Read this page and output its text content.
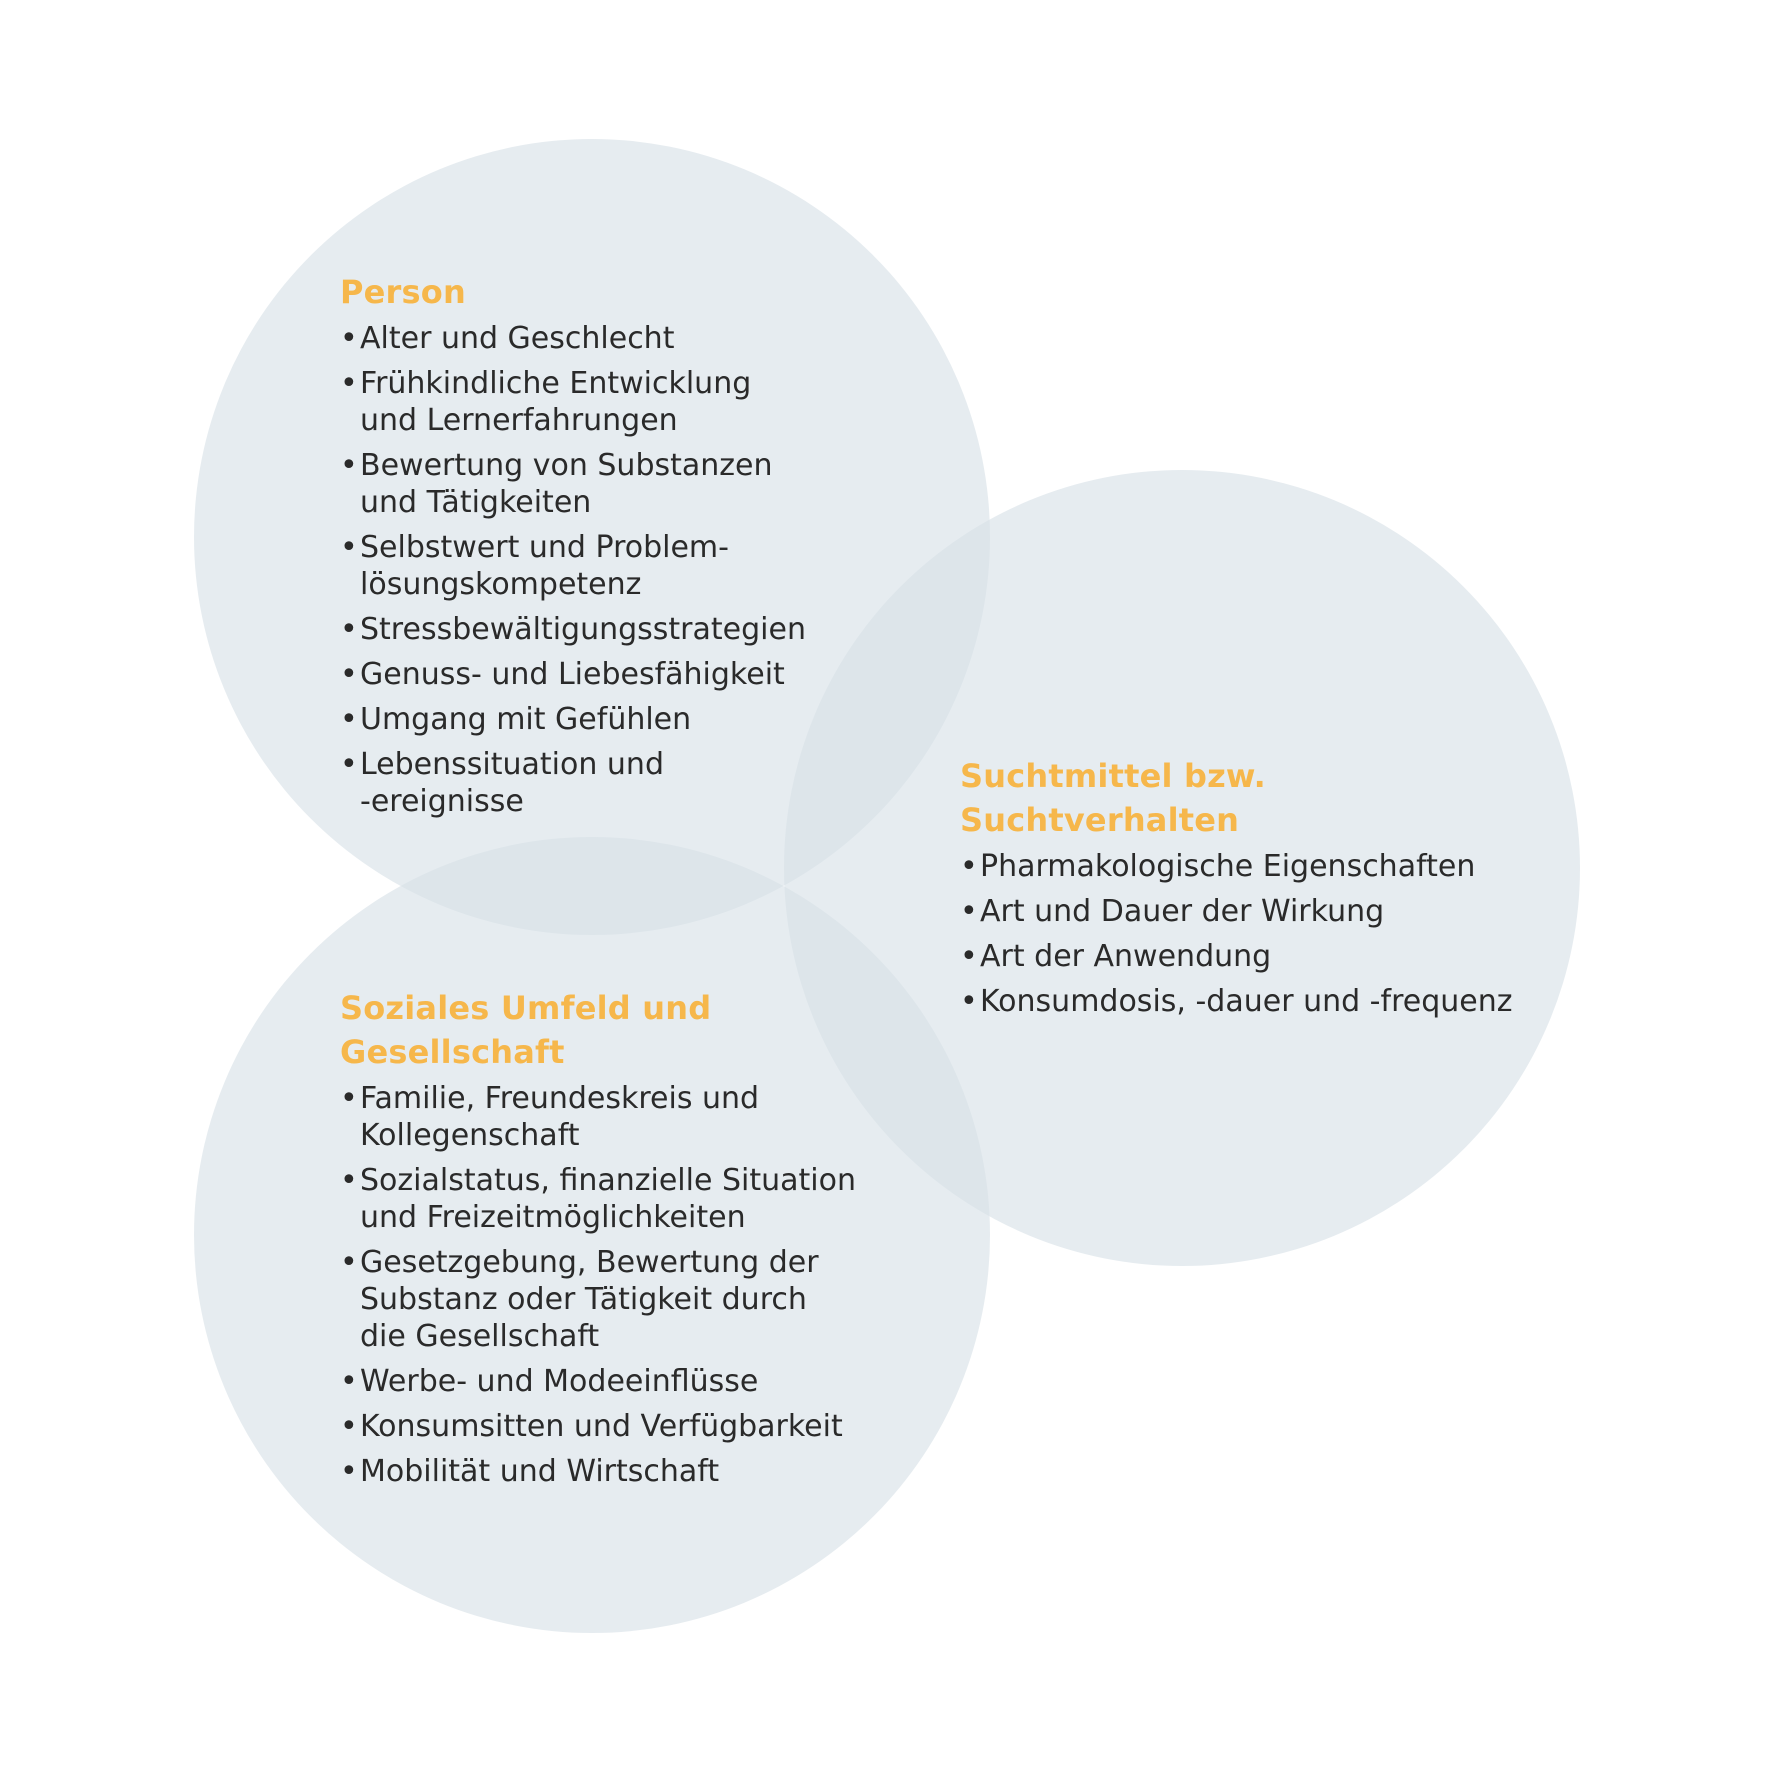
Person
• Alter und Geschlecht
• Frühkindliche Entwicklung
und Lernerfahrungen
• Bewertung von Substanzen
und Tätigkeiten
• Selbstwert und Problem-
lösungskompetenz
• Stressbewältigungsstrategien
• Genuss- und Liebesfähigkeit
• Umgang mit Gefühlen
• Lebenssituation und
-ereignisse
Suchtmittel bzw.
Suchtverhalten
• Pharmakologische Eigenschaften
• Art und Dauer der Wirkung
• Art der Anwendung
• Konsumdosis, -dauer und -frequenz
Soziales Umfeld und
Gesellschaft
• Familie, Freundeskreis und
Kollegenschaft
• Sozialstatus, finanzielle Situation
und Freizeitmöglichkeiten
• Gesetzgebung, Bewertung der
Substanz oder Tätigkeit durch
die Gesellschaft
• Werbe- und Modeeinflüsse
• Konsumsitten und Verfügbarkeit
• Mobilität und Wirtschaft
